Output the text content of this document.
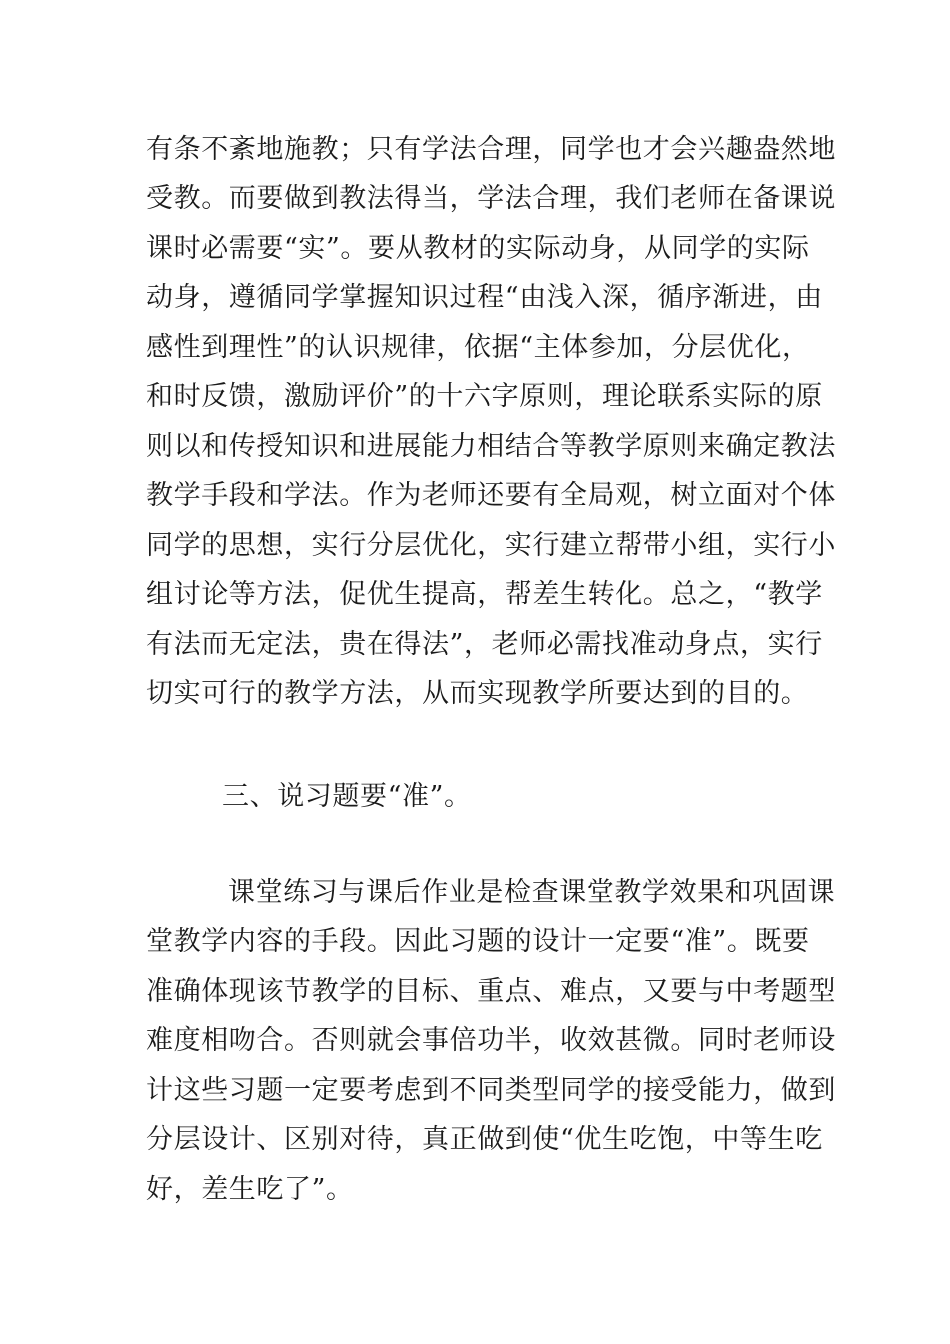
有条不紊地施教；只有学法合理，同学也才会兴趣盎然地
受教。而要做到教法得当，学法合理，我们老师在备课说
课时必需要“实”。要从教材的实际动身，从同学的实际
动身，遵循同学掌握知识过程“由浅入深，循序渐进，由
感性到理性”的认识规律，依据“主体参加，分层优化，
和时反馈，激励评价”的十六字原则，理论联系实际的原
则以和传授知识和进展能力相结合等教学原则来确定教法
教学手段和学法。作为老师还要有全局观，树立面对个体
同学的思想，实行分层优化，实行建立帮带小组，实行小
组讨论等方法，促优生提高，帮差生转化。总之，“教学
有法而无定法，贵在得法”，老师必需找准动身点，实行
切实可行的教学方法，从而实现教学所要达到的目的。
三、说习题要“准”。
课堂练习与课后作业是检查课堂教学效果和巩固课
堂教学内容的手段。因此习题的设计一定要“准”。既要
准确体现该节教学的目标、重点、难点，又要与中考题型
难度相吻合。否则就会事倍功半，收效甚微。同时老师设
计这些习题一定要考虑到不同类型同学的接受能力，做到
分层设计、区别对待，真正做到使“优生吃饱，中等生吃
好，差生吃了”。
